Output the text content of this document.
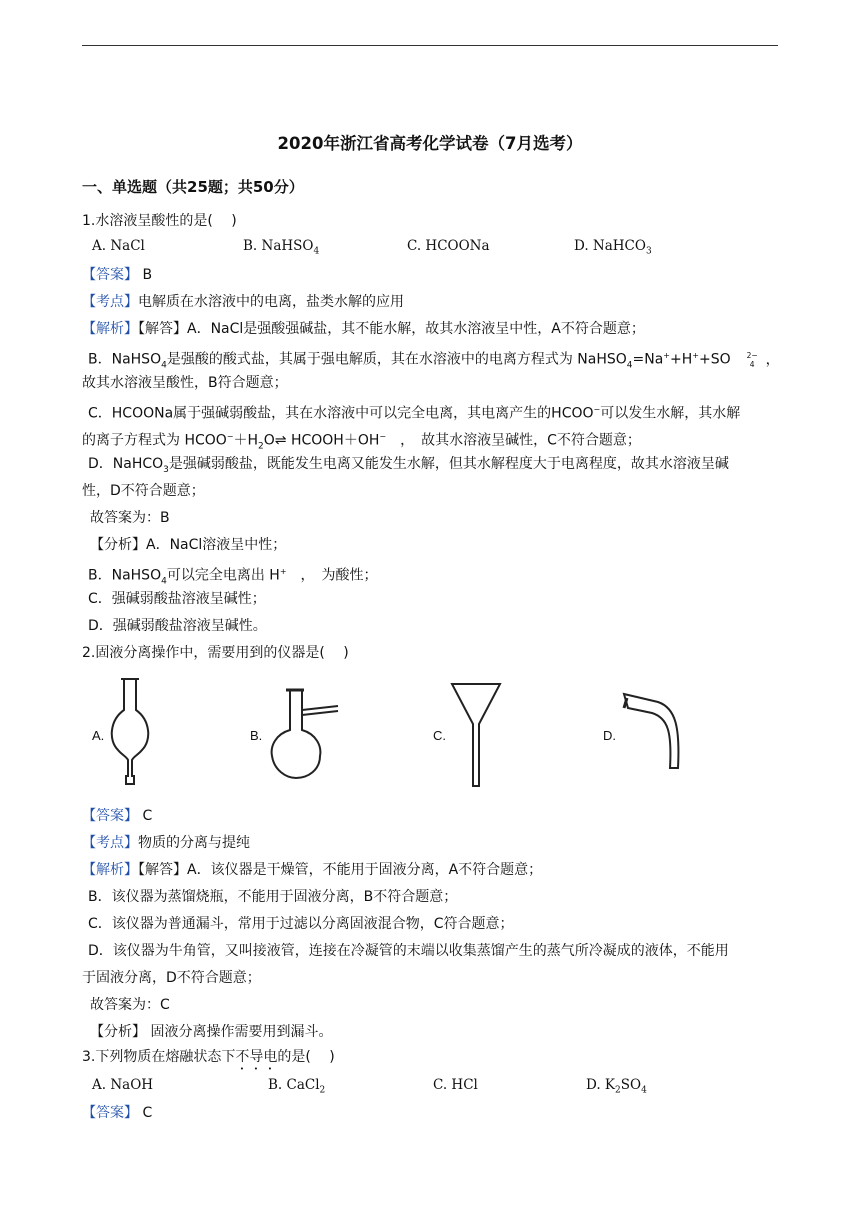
2020年浙江省高考化学试卷（7月选考）
一、单选题（共25题；共50分）
1.水溶液呈酸性的是(　 )
A. NaCl	B. NaHSO$_4$	C. HCOONa	D. NaHCO$_3$
【答案】 B
【考点】电解质在水溶液中的电离，盐类水解的应用
【解析】【解答】A．NaCl是强酸强碱盐，其不能水解，故其水溶液呈中性，A不符合题意；
B．NaHSO$_4$是强酸的酸式盐，其属于强电解质，其在水溶液中的电离方程式为 NaHSO$_4$=Na++H++SO 2−
4 ，
故其水溶液呈酸性，B符合题意；
C．HCOONa属于强碱弱酸盐，其在水溶液中可以完全电离，其电离产生的HCOO−可以发生水解，其水解
的离子方程式为 $HCOO^-+H_2O\rightleftharpoons$ HCOOH＋OH−　，　故其水溶液呈碱性，C不符合题意；
D．NaHCO$_3$是强碱弱酸盐，既能发生电离又能发生水解，但其水解程度大于电离程度，故其水溶液呈碱
性，D不符合题意；
故答案为：B
【分析】A．NaCl溶液呈中性；
B．NaHSO$_4$可以完全电离出 H+　，　为酸性；
C．强碱弱酸盐溶液呈碱性；
D．强碱弱酸盐溶液呈碱性。
2.固液分离操作中，需要用到的仪器是(　 )
A.	B.	C.	D.
【答案】 C
【考点】物质的分离与提纯
【解析】【解答】A．该仪器是干燥管，不能用于固液分离，A不符合题意；
B．该仪器为蒸馏烧瓶，不能用于固液分离，B不符合题意；
C．该仪器为普通漏斗，常用于过滤以分离固液混合物，C符合题意；
D．该仪器为牛角管，又叫接液管，连接在冷凝管的末端以收集蒸馏产生的蒸气所冷凝成的液体，不能用
于固液分离，D不符合题意；
故答案为：C
【分析】 固液分离操作需要用到漏斗。
3.下列物质在熔融状态下不导电的是(　 )
A. NaOH	B. CaCl$_2$	C. HCl	D. $K_2SO_4$
【答案】 C
